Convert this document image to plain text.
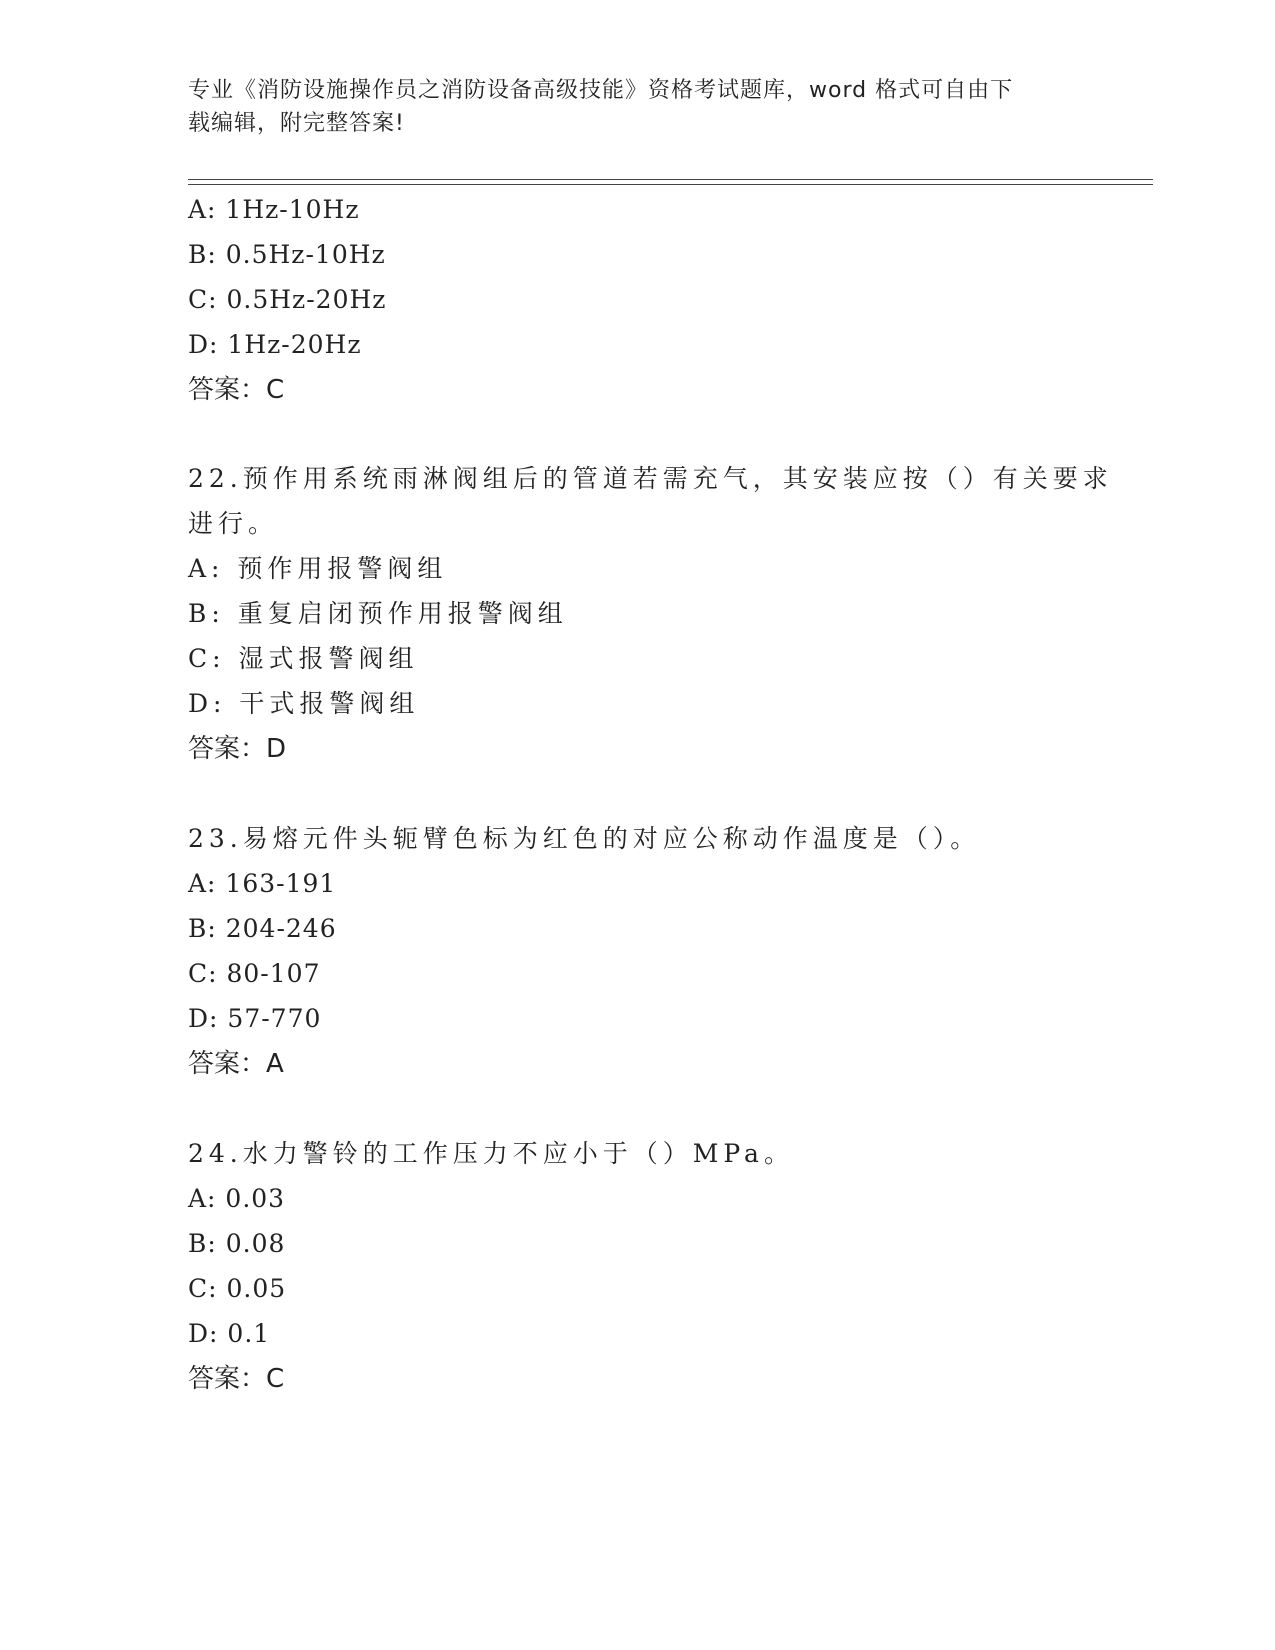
专业《消防设施操作员之消防设备高级技能》资格考试题库，word 格式可自由下
载编辑，附完整答案!
A: 1Hz-10Hz
B: 0.5Hz-10Hz
C: 0.5Hz-20Hz
D: 1Hz-20Hz
答案：C
22.预作用系统雨淋阀组后的管道若需充气，其安装应按（）有关要求
进行。
A: 预作用报警阀组
B: 重复启闭预作用报警阀组
C: 湿式报警阀组
D: 干式报警阀组
答案：D
23.易熔元件头轭臂色标为红色的对应公称动作温度是（）。
A: 163-191
B: 204-246
C: 80-107
D: 57-770
答案：A
24.水力警铃的工作压力不应小于（）MPa。
A: 0.03
B: 0.08
C: 0.05
D: 0.1
答案：C
